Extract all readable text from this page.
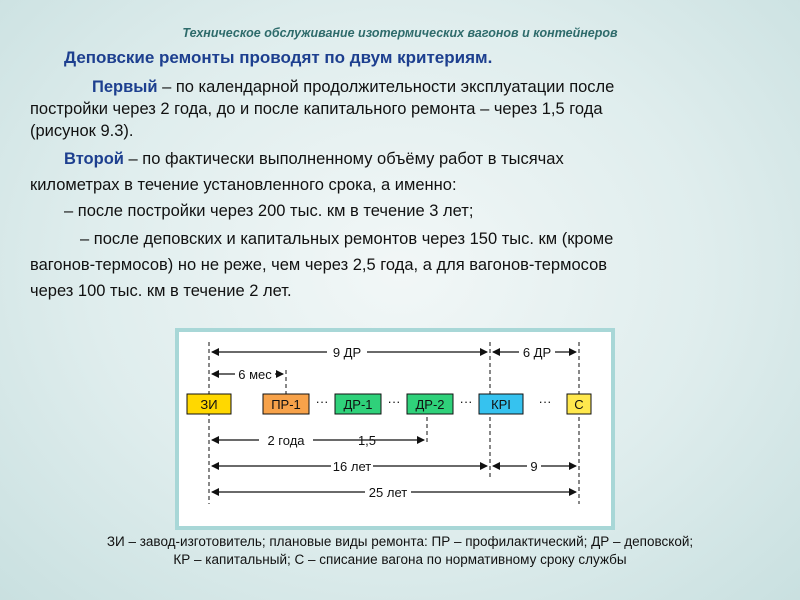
Техническое обслуживание изотермических вагонов и контейнеров
Деповские ремонты проводят по двум критериям.
Первый – по календарной продолжительности эксплуатации после
постройки через 2 года, до и после капитального ремонта – через 1,5 года
(рисунок 9.3).
Второй – по фактически выполненному объёму работ в тысячах
километрах в течение установленного срока, а именно:
– после постройки через 200 тыс. км в течение 3 лет;
– после деповских и капитальных ремонтов через 150 тыс. км (кроме
вагонов-термосов) но не реже, чем через 2,5 года, а для вагонов-термосов
через 100 тыс. км в течение 2 лет.
9 ДР	6 ДР
6 мес
2 года	1,5
16 лет	9
25 лет
ЗИ	ПР-1	ДР-1	ДР-2	КРI	С
···	···	···	···
ЗИ – завод-изготовитель; плановые виды ремонта: ПР – профилактический; ДР – деповской;
КР – капитальный; С – списание вагона по нормативному сроку службы
